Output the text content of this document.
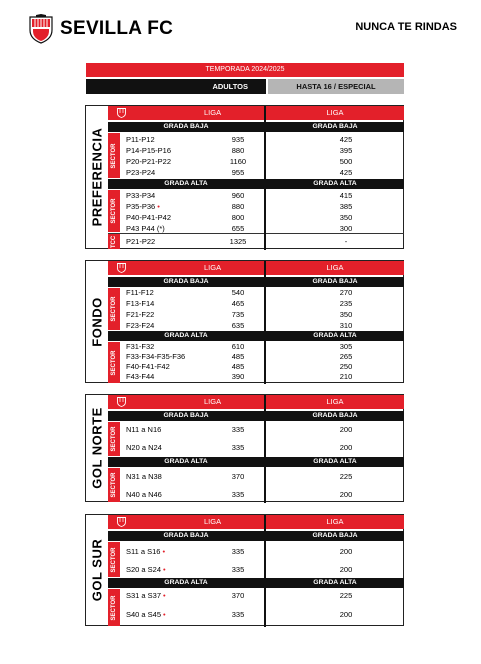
SEVILLA FC	NUNCA TE RINDAS
TEMPORADA 2024/2025
ADULTOS	HASTA 16 / ESPECIAL
PREFERENCIA
LIGA	LIGA
GRADA BAJA	GRADA BAJA
SECTOR
P11-P12	935	425
P14-P15-P16	880	395
P20-P21-P22	1160	500
P23-P24	955	425
GRADA ALTA	GRADA ALTA
SECTOR
P33-P34	960	415
P35-P36 •	880	385
P40-P41-P42	800	350
P43 P44 (*)	655	300
TCC P21-P22	1325	-
FONDO
LIGA	LIGA
GRADA BAJA	GRADA BAJA
SECTOR
F11-F12	540	270
F13-F14	465	235
F21-F22	735	350
F23-F24	635	310
GRADA ALTA	GRADA ALTA
SECTOR
F31-F32	610	305
F33-F34-F35-F36	485	265
F40-F41-F42	485	250
F43-F44	390	210
GOL NORTE
LIGA	LIGA
GRADA BAJA	GRADA BAJA
SECTOR N11 a N16	335	200
N20 a N24	335	200
GRADA ALTA	GRADA ALTA
SECTOR N31 a N38	370	225
N40 a N46	335	200
GOL SUR
LIGA	LIGA
GRADA BAJA	GRADA BAJA
SECTOR S11 a S16 •	335	200
S20 a S24 •	335	200
GRADA ALTA	GRADA ALTA
SECTOR S31 a S37 •	370	225
S40 a S45 •	335	200
